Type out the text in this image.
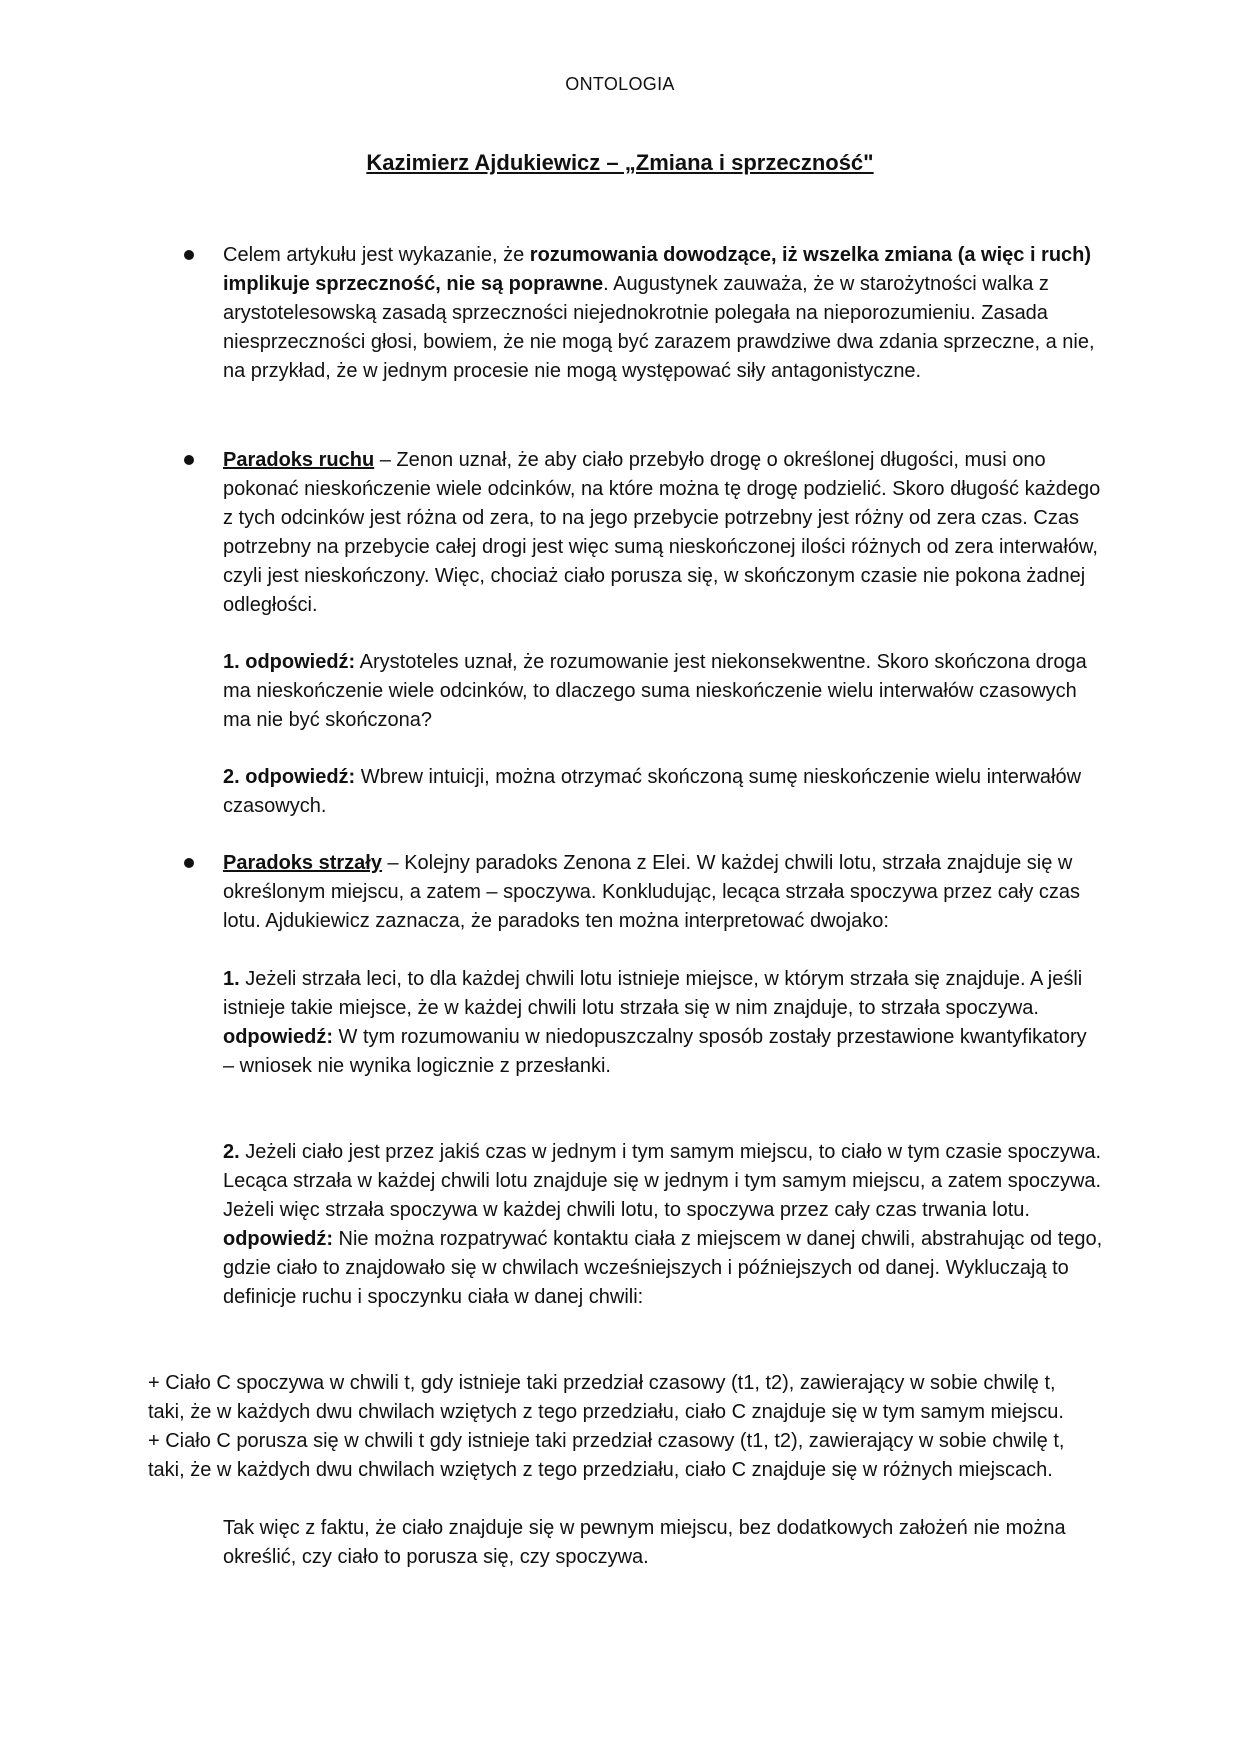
ONTOLOGIA
Kazimierz Ajdukiewicz – „Zmiana i sprzeczność"

Celem artykułu jest wykazanie, że rozumowania dowodzące, iż wszelka zmiana (a więc i ruch) implikuje sprzeczność, nie są poprawne. Augustynek zauważa, że w starożytności walka z arystotelesowską zasadą sprzeczności niejednokrotnie polegała na nieporozumieniu. Zasada niesprzeczności głosi, bowiem, że nie mogą być zarazem prawdziwe dwa zdania sprzeczne, a nie, na przykład, że w jednym procesie nie mogą występować siły antagonistyczne.

Paradoks ruchu – Zenon uznał, że aby ciało przebyło drogę o określonej długości, musi ono pokonać nieskończenie wiele odcinków, na które można tę drogę podzielić. Skoro długość każdego z tych odcinków jest różna od zera, to na jego przebycie potrzebny jest różny od zera czas. Czas potrzebny na przebycie całej drogi jest więc sumą nieskończonej ilości różnych od zera interwałów, czyli jest nieskończony. Więc, chociaż ciało porusza się, w skończonym czasie nie pokona żadnej odległości.

1. odpowiedź: Arystoteles uznał, że rozumowanie jest niekonsekwentne. Skoro skończona droga ma nieskończenie wiele odcinków, to dlaczego suma nieskończenie wielu interwałów czasowych ma nie być skończona?

2. odpowiedź: Wbrew intuicji, można otrzymać skończoną sumę nieskończenie wielu interwałów czasowych.

Paradoks strzały – Kolejny paradoks Zenona z Elei. W każdej chwili lotu, strzała znajduje się w określonym miejscu, a zatem – spoczywa. Konkludując, lecąca strzała spoczywa przez cały czas lotu. Ajdukiewicz zaznacza, że paradoks ten można interpretować dwojako:

1. Jeżeli strzała leci, to dla każdej chwili lotu istnieje miejsce, w którym strzała się znajduje. A jeśli istnieje takie miejsce, że w każdej chwili lotu strzała się w nim znajduje, to strzała spoczywa.
odpowiedź: W tym rozumowaniu w niedopuszczalny sposób zostały przestawione kwantyfikatory – wniosek nie wynika logicznie z przesłanki.

2. Jeżeli ciało jest przez jakiś czas w jednym i tym samym miejscu, to ciało w tym czasie spoczywa. Lecąca strzała w każdej chwili lotu znajduje się w jednym i tym samym miejscu, a zatem spoczywa. Jeżeli więc strzała spoczywa w każdej chwili lotu, to spoczywa przez cały czas trwania lotu.
odpowiedź: Nie można rozpatrywać kontaktu ciała z miejscem w danej chwili, abstrahując od tego, gdzie ciało to znajdowało się w chwilach wcześniejszych i późniejszych od danej. Wykluczają to definicje ruchu i spoczynku ciała w danej chwili:

+ Ciało C spoczywa w chwili t, gdy istnieje taki przedział czasowy (t1, t2), zawierający w sobie chwilę t, taki, że w każdych dwu chwilach wziętych z tego przedziału, ciało C znajduje się w tym samym miejscu.

+ Ciało C porusza się w chwili t gdy istnieje taki przedział czasowy (t1, t2), zawierający w sobie chwilę t, taki, że w każdych dwu chwilach wziętych z tego przedziału, ciało C znajduje się w różnych miejscach.

Tak więc z faktu, że ciało znajduje się w pewnym miejscu, bez dodatkowych założeń nie można określić, czy ciało to porusza się, czy spoczywa.
